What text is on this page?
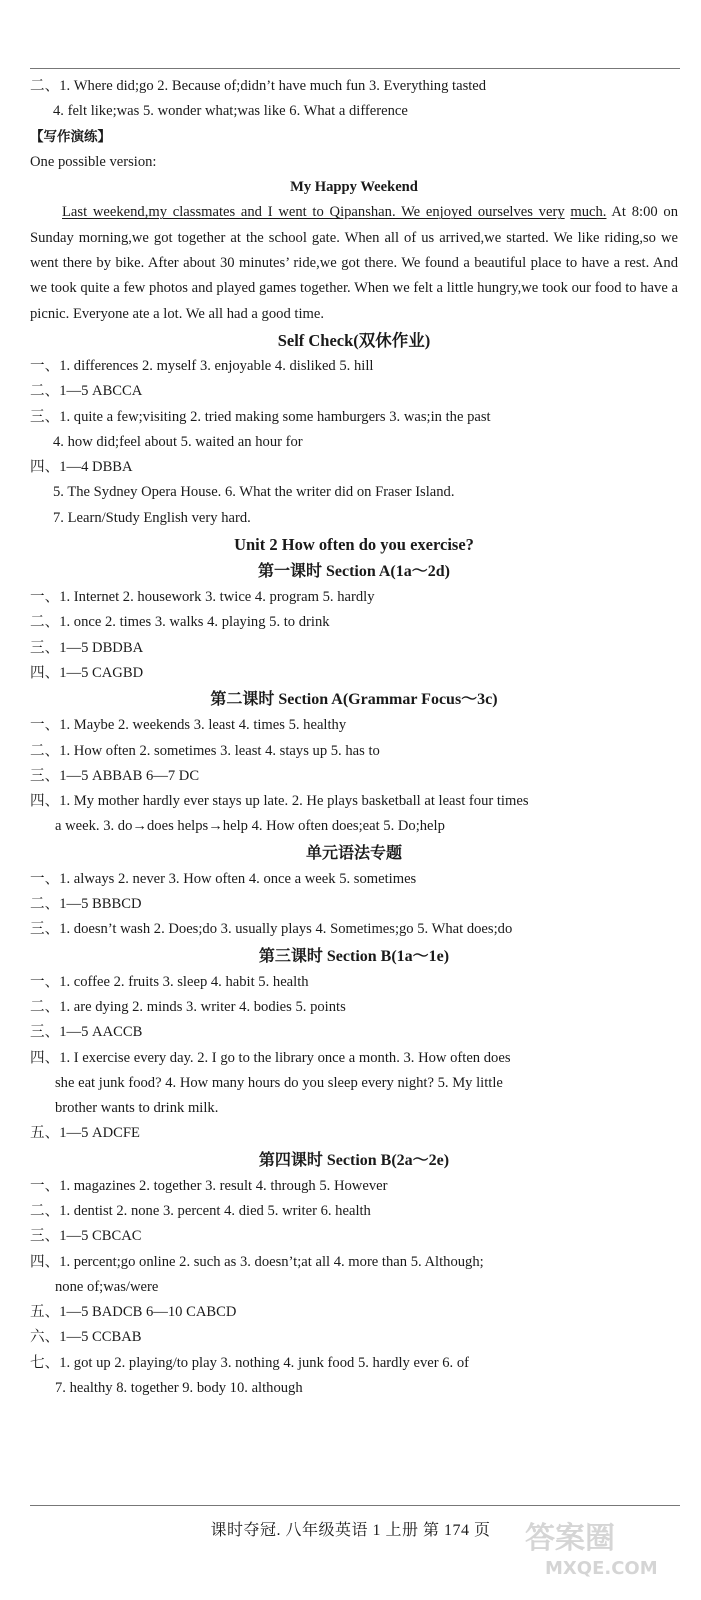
二、1. Where did;go 2. Because of;didn’t have much fun 3. Everything tasted
4. felt like;was 5. wonder what;was like 6. What a difference
【写作演练】
One possible version:
My Happy Weekend
Last weekend,my classmates and I went to Qipanshan. We enjoyed ourselves very much. At 8:00 on Sunday morning,we got together at the school gate. When all of us arrived,we started. We like riding,so we went there by bike. After about 30 minutes’ ride,we got there. We found a beautiful place to have a rest. And we took quite a few photos and played games together. When we felt a little hungry,we took our food to have a picnic. Everyone ate a lot. We all had a good time.
Self Check(双休作业)
一、1. differences 2. myself 3. enjoyable 4. disliked 5. hill
二、1—5 ABCCA
三、1. quite a few;visiting 2. tried making some hamburgers 3. was;in the past
4. how did;feel about 5. waited an hour for
四、1—4 DBBA
5. The Sydney Opera House. 6. What the writer did on Fraser Island.
7. Learn/Study English very hard.
Unit 2 How often do you exercise?
第一课时 Section A(1a～2d)
一、1. Internet 2. housework 3. twice 4. program 5. hardly
二、1. once 2. times 3. walks 4. playing 5. to drink
三、1—5 DBDBA
四、1—5 CAGBD
第二课时 Section A(Grammar Focus～3c)
一、1. Maybe 2. weekends 3. least 4. times 5. healthy
二、1. How often 2. sometimes 3. least 4. stays up 5. has to
三、1—5 ABBAB 6—7 DC
四、1. My mother hardly ever stays up late. 2. He plays basketball at least four times
a week. 3. do→does helps→help 4. How often does;eat 5. Do;help
单元语法专题
一、1. always 2. never 3. How often 4. once a week 5. sometimes
二、1—5 BBBCD
三、1. doesn’t wash 2. Does;do 3. usually plays 4. Sometimes;go 5. What does;do
第三课时 Section B(1a～1e)
一、1. coffee 2. fruits 3. sleep 4. habit 5. health
二、1. are dying 2. minds 3. writer 4. bodies 5. points
三、1—5 AACCB
四、1. I exercise every day. 2. I go to the library once a month. 3. How often does
she eat junk food? 4. How many hours do you sleep every night? 5. My little
brother wants to drink milk.
五、1—5 ADCFE
第四课时 Section B(2a～2e)
一、1. magazines 2. together 3. result 4. through 5. However
二、1. dentist 2. none 3. percent 4. died 5. writer 6. health
三、1—5 CBCAC
四、1. percent;go online 2. such as 3. doesn’t;at all 4. more than 5. Although;
none of;was/were
五、1—5 BADCB 6—10 CABCD
六、1—5 CCBAB
七、1. got up 2. playing/to play 3. nothing 4. junk food 5. hardly ever 6. of
7. healthy 8. together 9. body 10. although
课时夺冠. 八年级英语 1 上册 第 174 页	答案圈
MXQE.COM
